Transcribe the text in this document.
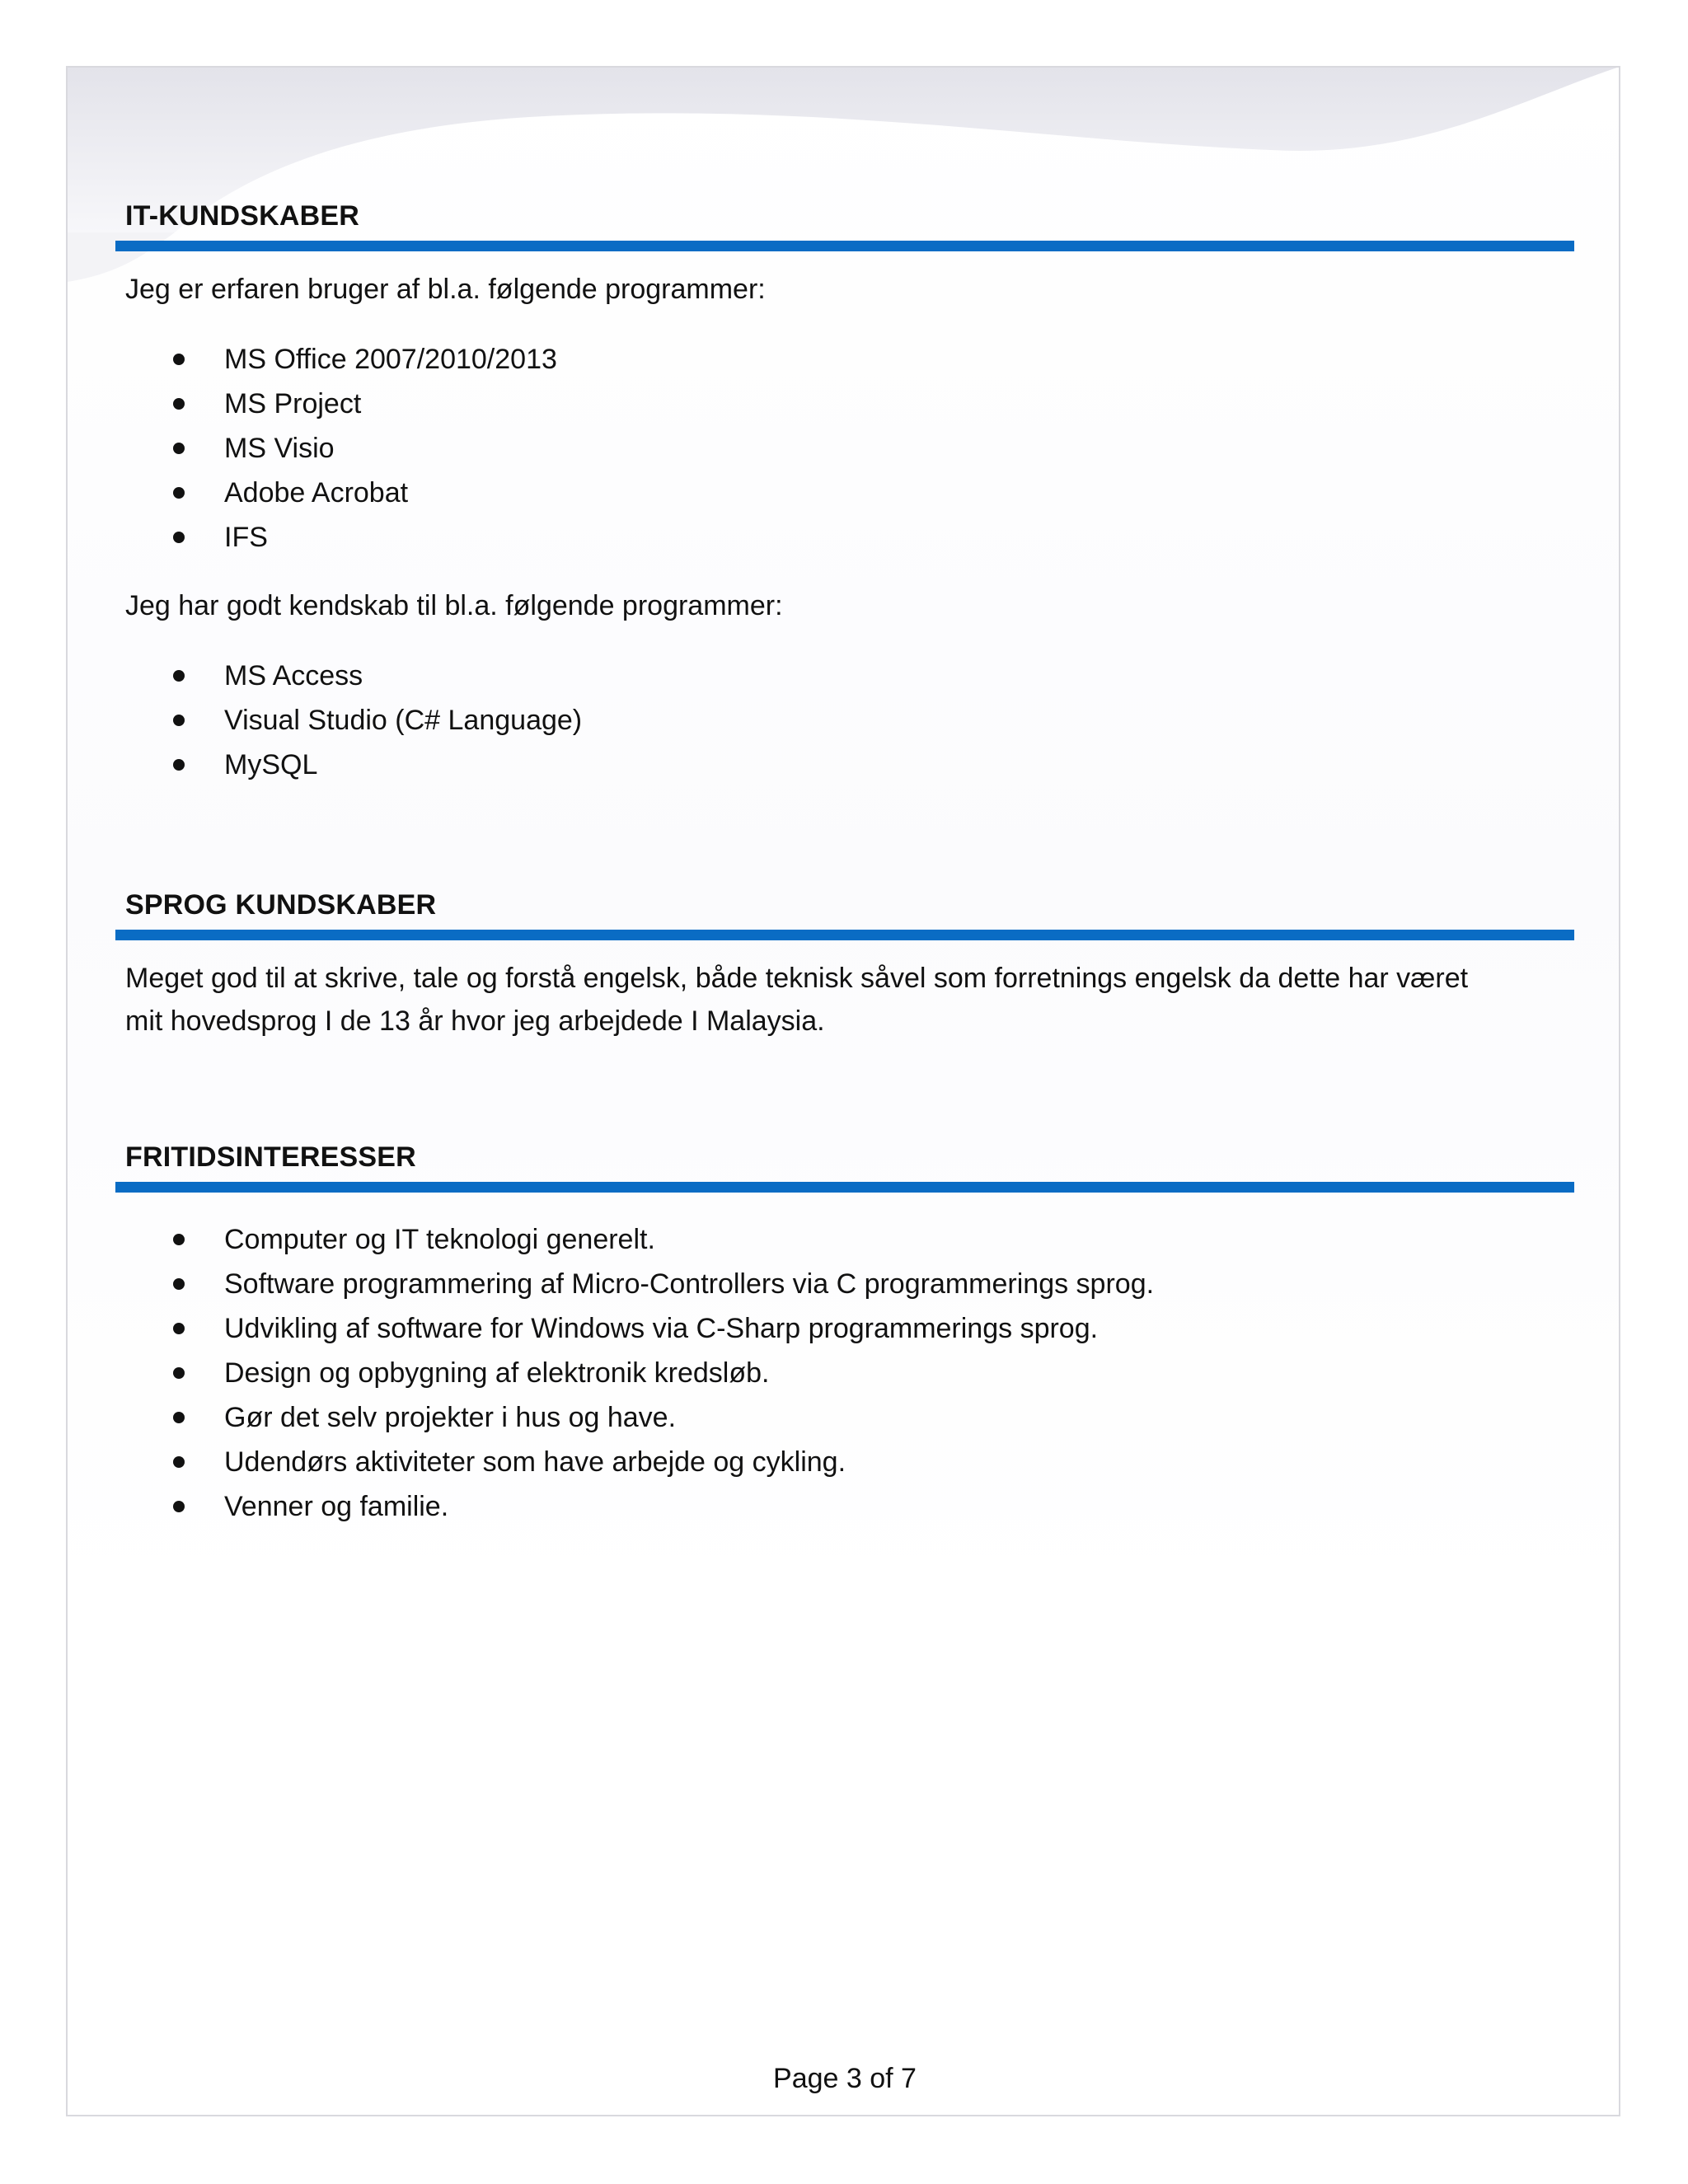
IT-KUNDSKABER
Jeg er erfaren bruger af bl.a. følgende programmer:
MS Office 2007/2010/2013
MS Project
MS Visio
Adobe Acrobat
IFS
Jeg har godt kendskab til bl.a. følgende programmer:
MS Access
Visual Studio (C# Language)
MySQL
SPROG KUNDSKABER
Meget god til at skrive, tale og forstå engelsk, både teknisk såvel som forretnings engelsk da dette har været
mit hovedsprog I de 13 år hvor jeg arbejdede I Malaysia.
FRITIDSINTERESSER
Computer og IT teknologi generelt.
Software programmering af Micro-Controllers via C programmerings sprog.
Udvikling af software for Windows via C-Sharp programmerings sprog.
Design og opbygning af elektronik kredsløb.
Gør det selv projekter i hus og have.
Udendørs aktiviteter som have arbejde og cykling.
Venner og familie.
Page 3 of 7
